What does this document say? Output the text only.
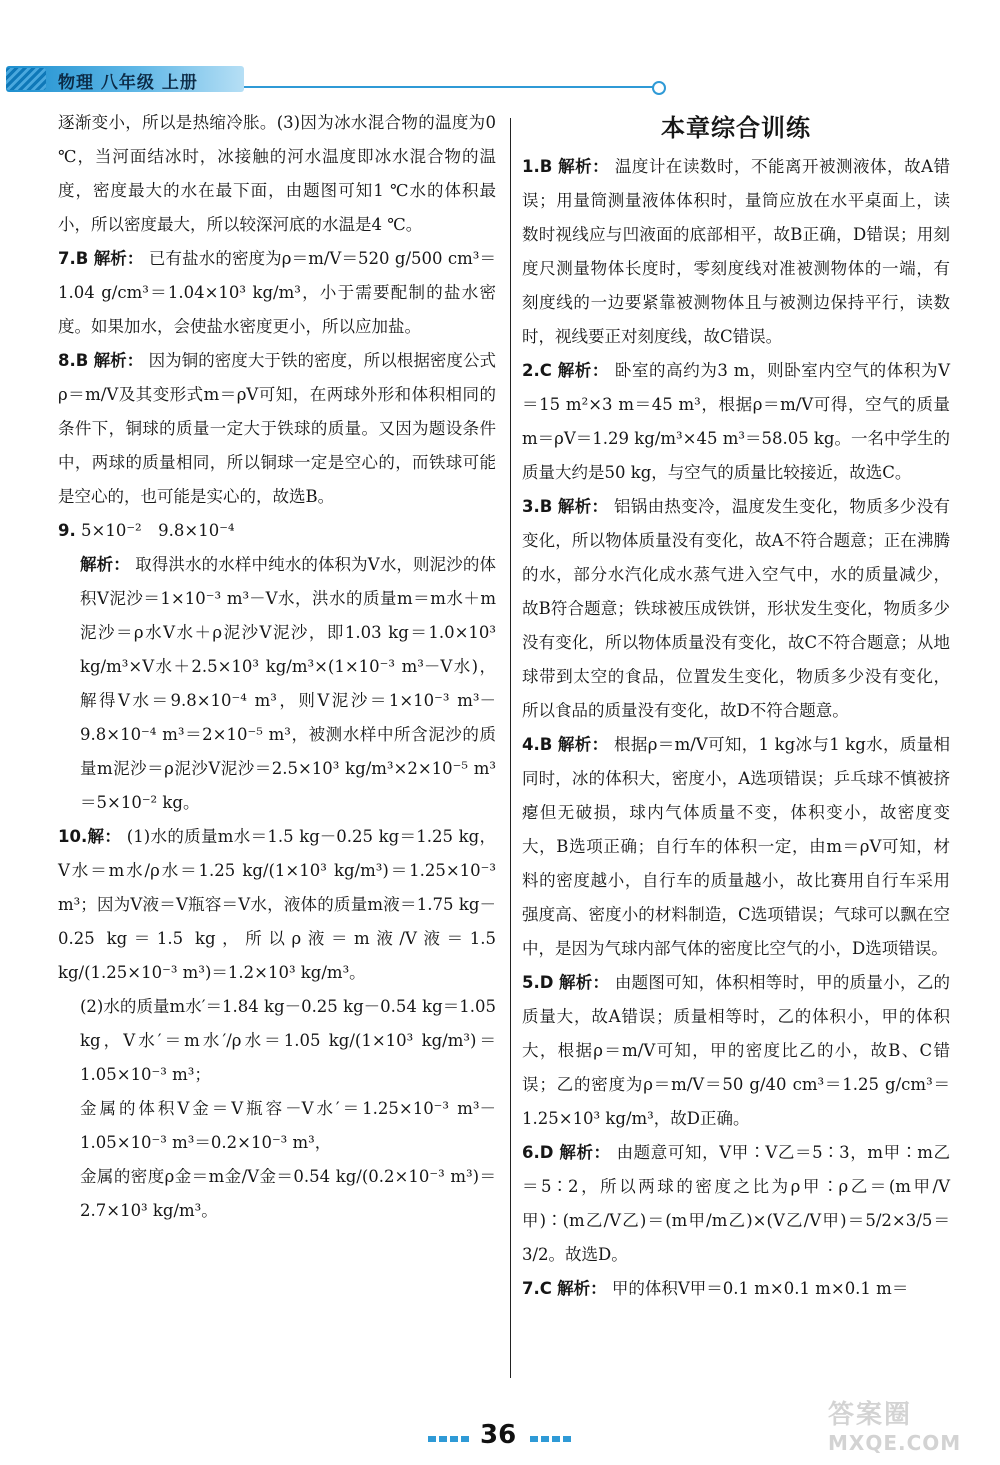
物理 八年级 上册

逐渐变小，所以是热缩冷胀。(3)因为冰水混合物的温度为0 ℃，当河面结冰时，冰接触的河水温度即冰水混合物的温度，密度最大的水在最下面，由题图可知1 ℃水的体积最小，所以密度最大，所以较深河底的水温是4 ℃。

7.B 解析： 已有盐水的密度为ρ＝m/V＝520 g/500 cm³＝1.04 g/cm³＝1.04×10³ kg/m³，小于需要配制的盐水密度。如果加水，会使盐水密度更小，所以应加盐。

8.B 解析： 因为铜的密度大于铁的密度，所以根据密度公式ρ＝m/V及其变形式m＝ρV可知，在两球外形和体积相同的条件下，铜球的质量一定大于铁球的质量。又因为题设条件中，两球的质量相同，所以铜球一定是空心的，而铁球可能是空心的，也可能是实心的，故选B。

9. 5×10⁻²　9.8×10⁻⁴

解析： 取得洪水的水样中纯水的体积为V水，则泥沙的体积V泥沙＝1×10⁻³ m³－V水，洪水的质量m＝m水＋m泥沙＝ρ水V水＋ρ泥沙V泥沙，即1.03 kg＝1.0×10³ kg/m³×V水＋2.5×10³ kg/m³×(1×10⁻³ m³－V水)，解得V水＝9.8×10⁻⁴ m³，则V泥沙＝1×10⁻³ m³－9.8×10⁻⁴ m³＝2×10⁻⁵ m³，被测水样中所含泥沙的质量m泥沙＝ρ泥沙V泥沙＝2.5×10³ kg/m³×2×10⁻⁵ m³＝5×10⁻² kg。

10.解： (1)水的质量m水＝1.5 kg－0.25 kg＝1.25 kg，V水＝m水/ρ水＝1.25 kg/(1×10³ kg/m³)＝1.25×10⁻³ m³；因为V液＝V瓶容＝V水，液体的质量m液＝1.75 kg－0.25 kg＝1.5 kg，所以ρ液＝m液/V液＝1.5 kg/(1.25×10⁻³ m³)＝1.2×10³ kg/m³。

(2)水的质量m水′＝1.84 kg－0.25 kg－0.54 kg＝1.05 kg，V水′＝m水′/ρ水＝1.05 kg/(1×10³ kg/m³)＝1.05×10⁻³ m³；

金属的体积V金＝V瓶容－V水′＝1.25×10⁻³ m³－1.05×10⁻³ m³＝0.2×10⁻³ m³，

金属的密度ρ金＝m金/V金＝0.54 kg/(0.2×10⁻³ m³)＝2.7×10³ kg/m³。

本章综合训练

1.B 解析： 温度计在读数时，不能离开被测液体，故A错误；用量筒测量液体体积时，量筒应放在水平桌面上，读数时视线应与凹液面的底部相平，故B正确，D错误；用刻度尺测量物体长度时，零刻度线对准被测物体的一端，有刻度线的一边要紧靠被测物体且与被测边保持平行，读数时，视线要正对刻度线，故C错误。

2.C 解析： 卧室的高约为3 m，则卧室内空气的体积为V＝15 m²×3 m＝45 m³，根据ρ＝m/V可得，空气的质量m＝ρV＝1.29 kg/m³×45 m³＝58.05 kg。一名中学生的质量大约是50 kg，与空气的质量比较接近，故选C。

3.B 解析： 铝锅由热变冷，温度发生变化，物质多少没有变化，所以物体质量没有变化，故A不符合题意；正在沸腾的水，部分水汽化成水蒸气进入空气中，水的质量减少，故B符合题意；铁球被压成铁饼，形状发生变化，物质多少没有变化，所以物体质量没有变化，故C不符合题意；从地球带到太空的食品，位置发生变化，物质多少没有变化，所以食品的质量没有变化，故D不符合题意。

4.B 解析： 根据ρ＝m/V可知，1 kg冰与1 kg水，质量相同时，冰的体积大，密度小，A选项错误；乒乓球不慎被挤瘪但无破损，球内气体质量不变，体积变小，故密度变大，B选项正确；自行车的体积一定，由m＝ρV可知，材料的密度越小，自行车的质量越小，故比赛用自行车采用强度高、密度小的材料制造，C选项错误；气球可以飘在空中，是因为气球内部气体的密度比空气的小，D选项错误。

5.D 解析： 由题图可知，体积相等时，甲的质量小，乙的质量大，故A错误；质量相等时，乙的体积小，甲的体积大，根据ρ＝m/V可知，甲的密度比乙的小，故B、C错误；乙的密度为ρ＝m/V＝50 g/40 cm³＝1.25 g/cm³＝1.25×10³ kg/m³，故D正确。

6.D 解析： 由题意可知，V甲∶V乙＝5∶3，m甲∶m乙＝5∶2，所以两球的密度之比为ρ甲∶ρ乙＝(m甲/V甲)∶(m乙/V乙)＝(m甲/m乙)×(V乙/V甲)＝5/2×3/5＝3/2。故选D。

7.C 解析： 甲的体积V甲＝0.1 m×0.1 m×0.1 m＝

36
答案圈
MXQE.COM
